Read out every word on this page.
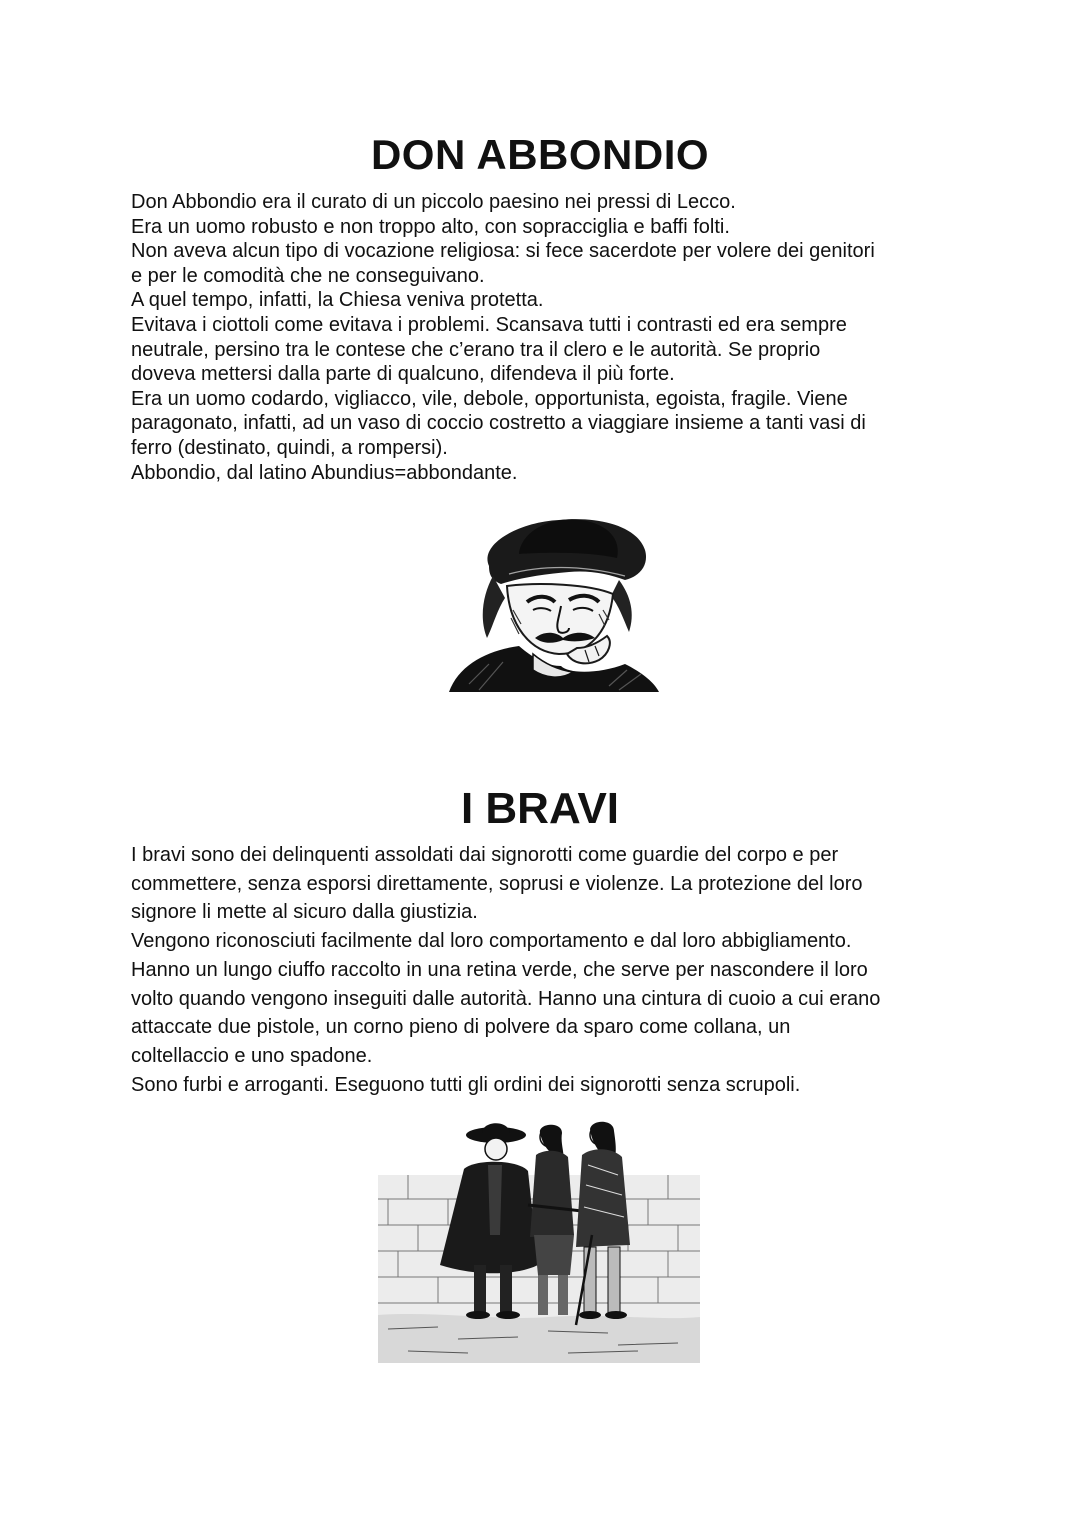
DON ABBONDIO

Don Abbondio era il curato di un piccolo paesino nei pressi di Lecco.

Era un uomo robusto e non troppo alto, con sopracciglia e baffi folti.

Non aveva alcun tipo di vocazione religiosa: si fece sacerdote per volere dei genitori

e per le comodità che ne conseguivano.

A quel tempo, infatti, la Chiesa veniva protetta.

Evitava i ciottoli come evitava i problemi. Scansava tutti i contrasti ed era sempre

neutrale, persino tra le contese che c’erano tra il clero e le autorità. Se proprio

doveva mettersi dalla parte di qualcuno, difendeva il più forte.

Era un uomo codardo, vigliacco, vile, debole, opportunista, egoista, fragile. Viene

paragonato, infatti, ad un vaso di coccio costretto a viaggiare insieme a tanti vasi di

ferro (destinato, quindi, a rompersi).

Abbondio, dal latino Abundius=abbondante.

I BRAVI

I bravi sono dei delinquenti assoldati dai signorotti come guardie del corpo e per

commettere, senza esporsi direttamente, soprusi e violenze. La protezione del loro

signore li mette al sicuro dalla giustizia.

Vengono riconosciuti facilmente dal loro comportamento e dal loro abbigliamento.

Hanno un lungo ciuffo raccolto in una retina verde, che serve per nascondere il loro

volto quando vengono inseguiti dalle autorità. Hanno una cintura di cuoio a cui erano

attaccate due pistole, un corno pieno di polvere da sparo come collana, un

coltellaccio e uno spadone.

Sono furbi e arroganti. Eseguono tutti gli ordini dei signorotti senza scrupoli.
